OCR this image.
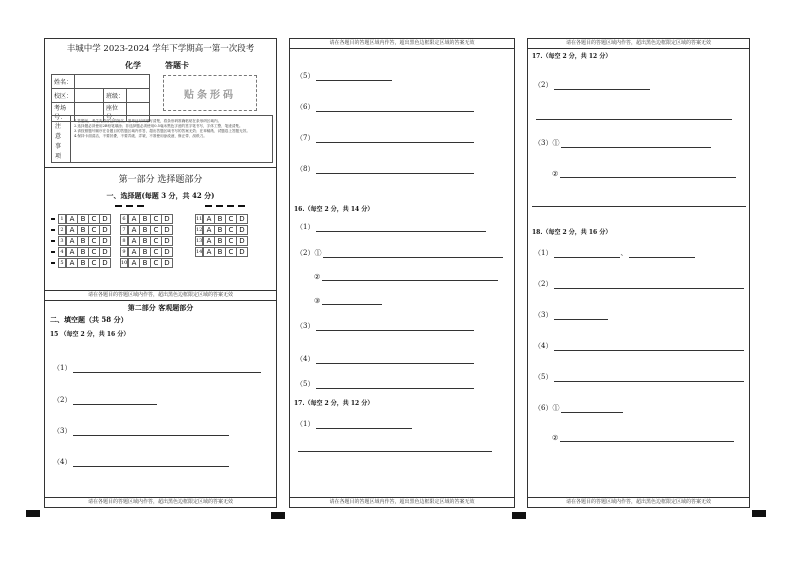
丰城中学 2023-2024 学年下学期高一第一次段考
化学	答题卡
姓名：			
校区：		班级：	
考场号：		座位号：	
贴条形码
注意事项
1.答题前，考生先将自己的姓名、准考证号码填写清楚，将条形码准确粘贴在条形码区域内。
2.选择题必须使用2B铅笔填涂；非选择题必须使用0.5毫米黑色字迹的签字笔书写，字体工整、笔迹清楚。
3.请按照题号顺序在各题目的答题区域内作答，超出答题区域书写的答案无效；在草稿纸、试题卷上答题无效。
4.保持卡面清洁，不要折叠，不要弄破、弄皱，不准使用涂改液、修正带、刮纸刀。
第一部分 选择题部分
一、选择题(每题 3 分，共 42 分)
1 A B C D
2 A B C D
3 A B C D
4 A B C D
5 A B C D
6 A B C D
7 A B C D
8 A B C D
9 A B C D
10 A B C D
11 A B C D
12 A B C D
13 A B C D
14 A B C D
请在各题目的答题区域内作答，超出黑色边框限定区域的答案无效
第二部分 客观题部分
二、填空题（共 58 分）
15 （每空 2 分，共 16 分）
（1）
（2）
（3）
（4）
请在各题目的答题区域内作答，超出黑色边框限定区域的答案无效
请在各题目的答题区域内作答，超出黑色边框限定区域的答案无效
（5）
（6）
（7）
（8）
16.（每空 2 分，共 14 分）
（1）
（2）①
②
③
（3）
（4）
（5）
17.（每空 2 分，共 12 分）
（1）
请在各题目的答题区域内作答，超出黑色边框限定区域的答案无效
请在各题目的答题区域内作答，超出黑色边框限定区域的答案无效
17.（每空 2 分，共 12 分）
（2）
（3）①
②
18.（每空 2 分，共 16 分）
（1）	、
（2）
（3）
（4）
（5）
（6）①
②
请在各题目的答题区域内作答，超出黑色边框限定区域的答案无效
